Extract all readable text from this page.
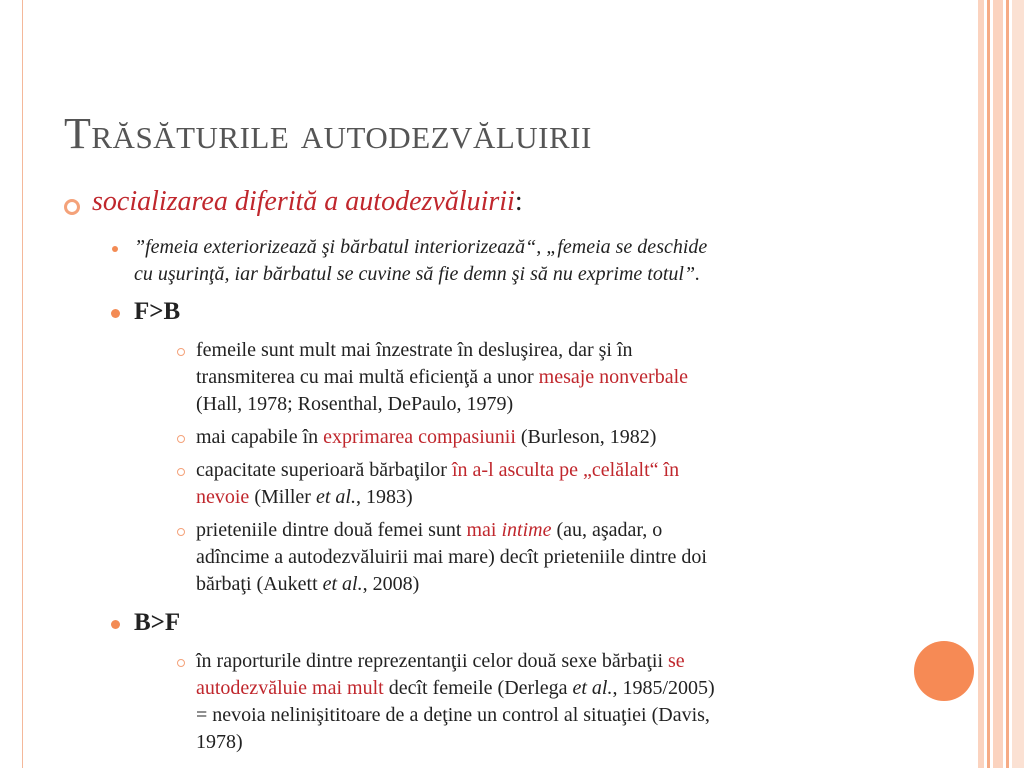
Trăsăturile autodezvăluirii
socializarea diferită a autodezvăluirii:
”femeia exteriorizează şi bărbatul interiorizează“, „femeia se deschide
cu uşurinţă, iar bărbatul se cuvine să fie demn şi să nu exprime totul”.
F>B
femeile sunt mult mai înzestrate în desluşirea, dar şi în
transmiterea cu mai multă eficienţă a unor mesaje nonverbale
(Hall, 1978; Rosenthal, DePaulo, 1979)
mai capabile în exprimarea compasiunii (Burleson, 1982)
capacitate superioară bărbaţilor în a-l asculta pe „celălalt“ în
nevoie (Miller et al., 1983)
prieteniile dintre două femei sunt mai intime (au, aşadar, o
adîncime a autodezvăluirii mai mare) decît prieteniile dintre doi
bărbaţi (Aukett et al., 2008)
B>F
în raporturile dintre reprezentanţii celor două sexe bărbaţii se
autodezvăluie mai mult decît femeile (Derlega et al., 1985/2005)
= nevoia nelinişititoare de a deţine un control al situaţiei (Davis,
1978)
